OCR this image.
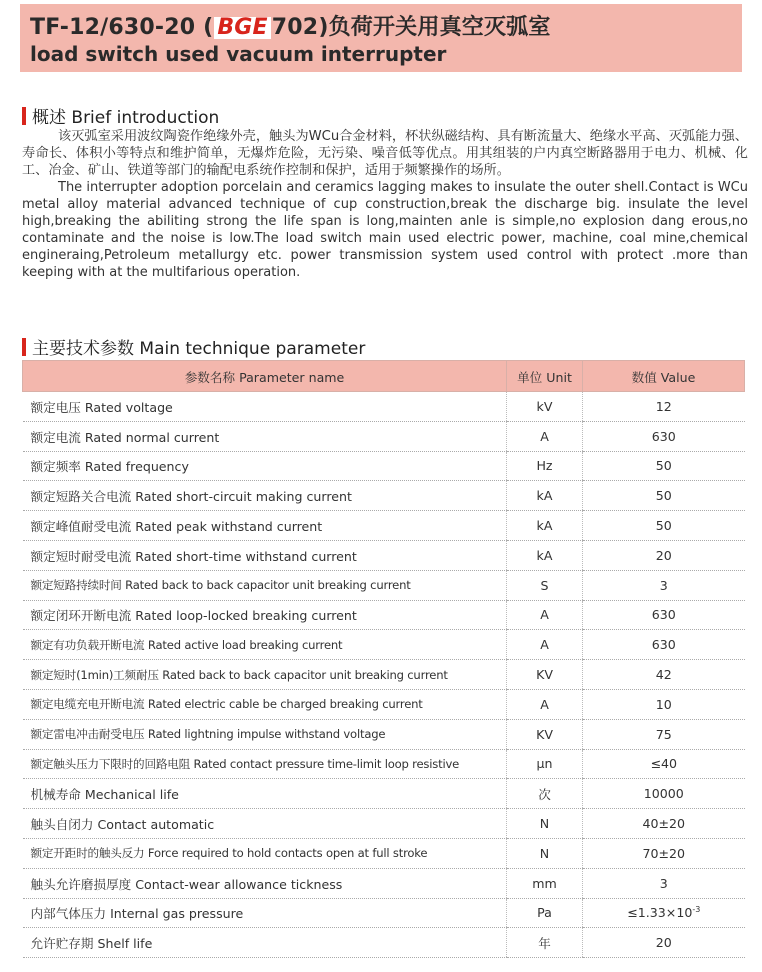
TF-12/630-20 ( BGE 702)负荷开关用真空灭弧室
load switch used vacuum interrupter
概述 Brief introduction

该灭弧室采用波纹陶瓷作绝缘外壳，触头为WCu合金材料，杯状纵磁结构、具有断流量大、绝缘水平高、灭弧能力强、寿命长、体积小等特点和维护简单，无爆炸危险，无污染、噪音低等优点。用其组装的户内真空断路器用于电力、机械、化工、冶金、矿山、铁道等部门的输配电系统作控制和保护，适用于频繁操作的场所。

The interrupter adoption porcelain and ceramics lagging makes to insulate the outer shell.Contact is WCu metal alloy material advanced technique of cup construction,break the discharge big. insulate the level high,breaking the abiliting strong the life span is long,mainten anle is simple,no explosion dang erous,no contaminate and the noise is low.The load switch main used electric power, machine, coal mine,chemical engineraing,Petroleum metallurgy etc. power transmission system used control with protect .more than keeping with at the multifarious operation.

主要技术参数 Main technique parameter
参数名称 Parameter name	单位 Unit	数值 Value
额定电压 Rated voltage	kV	12
额定电流 Rated normal current	A	630
额定频率 Rated frequency	Hz	50
额定短路关合电流 Rated short-circuit making current	kA	50
额定峰值耐受电流 Rated peak withstand current	kA	50
额定短时耐受电流 Rated short-time withstand current	kA	20
额定短路持续时间 Rated back to back capacitor unit breaking current	S	3
额定闭环开断电流 Rated loop-locked breaking current	A	630
额定有功负载开断电流 Rated active load breaking current	A	630
额定短时(1min)工频耐压 Rated back to back capacitor unit breaking current	KV	42
额定电缆充电开断电流 Rated electric cable be charged breaking current	A	10
额定雷电冲击耐受电压 Rated lightning impulse withstand voltage	KV	75
额定触头压力下限时的回路电阻 Rated contact pressure time-limit loop resistive	μn	≤40
机械寿命 Mechanical life	次	10000
触头自闭力 Contact automatic	N	40±20
额定开距时的触头反力 Force required to hold contacts open at full stroke	N	70±20
触头允许磨损厚度 Contact-wear allowance tickness	mm	3
内部气体压力 Internal gas pressure	Pa	$\le 1.33\times 10^{-3}$
允许贮存期 Shelf life	年	20
